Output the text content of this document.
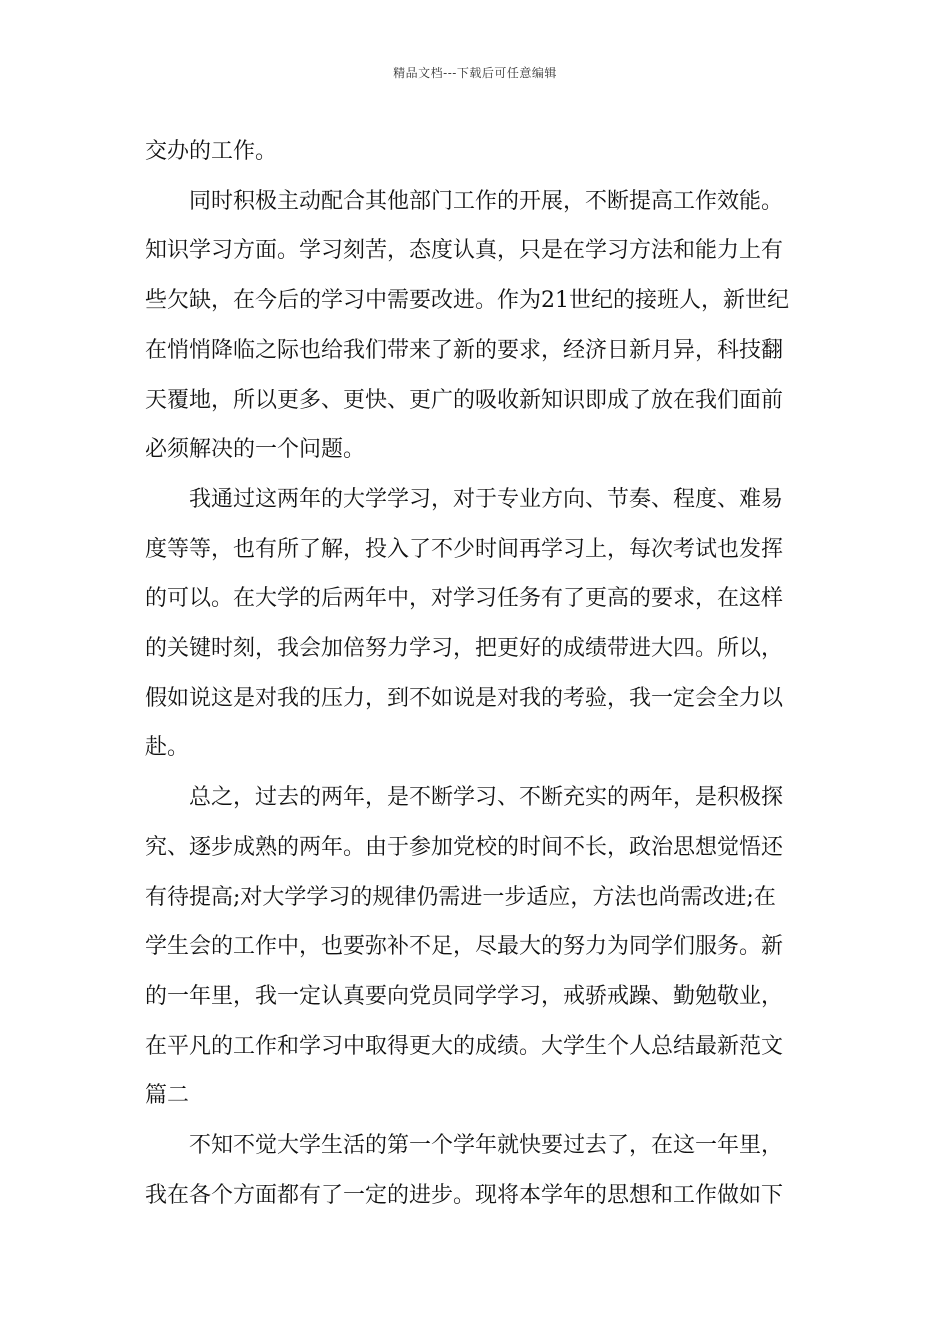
精品文档---下载后可任意编辑

交办的工作。

同时积极主动配合其他部门工作的开展，不断提高工作效能。

知识学习方面。学习刻苦，态度认真，只是在学习方法和能力上有

些欠缺，在今后的学习中需要改进。作为21世纪的接班人，新世纪

在悄悄降临之际也给我们带来了新的要求，经济日新月异，科技翻

天覆地，所以更多、更快、更广的吸收新知识即成了放在我们面前

必须解决的一个问题。

我通过这两年的大学学习，对于专业方向、节奏、程度、难易

度等等，也有所了解，投入了不少时间再学习上，每次考试也发挥

的可以。在大学的后两年中，对学习任务有了更高的要求，在这样

的关键时刻，我会加倍努力学习，把更好的成绩带进大四。所以，

假如说这是对我的压力，到不如说是对我的考验，我一定会全力以

赴。

总之，过去的两年，是不断学习、不断充实的两年，是积极探

究、逐步成熟的两年。由于参加党校的时间不长，政治思想觉悟还

有待提高;对大学学习的规律仍需进一步适应，方法也尚需改进;在

学生会的工作中，也要弥补不足，尽最大的努力为同学们服务。新

的一年里，我一定认真要向党员同学学习，戒骄戒躁、勤勉敬业，

在平凡的工作和学习中取得更大的成绩。大学生个人总结最新范文

篇二

不知不觉大学生活的第一个学年就快要过去了，在这一年里，

我在各个方面都有了一定的进步。现将本学年的思想和工作做如下
